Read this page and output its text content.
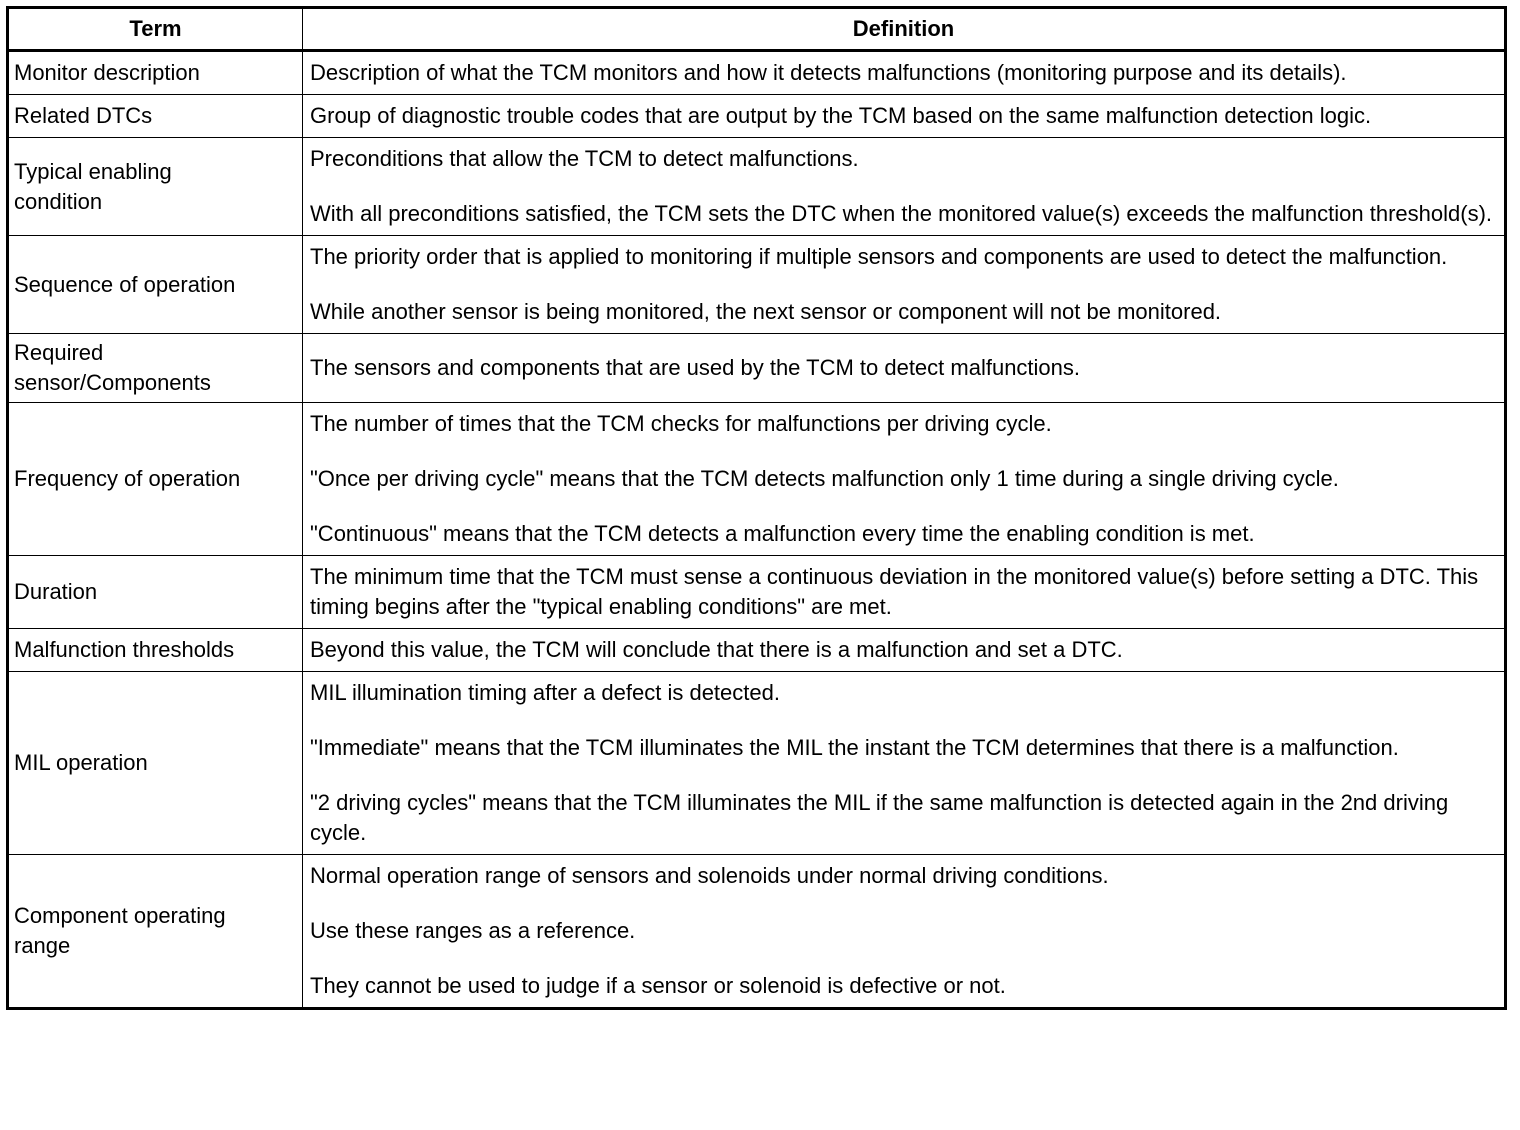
Term	Definition
Monitor description	Description of what the TCM monitors and how it detects malfunctions (monitoring purpose and its details).

Related DTCs	Group of diagnostic trouble codes that are output by the TCM based on the same malfunction detection logic.

Typical enabling condition	Preconditions that allow the TCM to detect malfunctions.

With all preconditions satisfied, the TCM sets the DTC when the monitored value(s) exceeds the malfunction threshold(s).

Sequence of operation	The priority order that is applied to monitoring if multiple sensors and components are used to detect the malfunction.

While another sensor is being monitored, the next sensor or component will not be monitored.

Required sensor/Components	The sensors and components that are used by the TCM to detect malfunctions.

Frequency of operation	The number of times that the TCM checks for malfunctions per driving cycle.

"Once per driving cycle" means that the TCM detects malfunction only 1 time during a single driving cycle.

"Continuous" means that the TCM detects a malfunction every time the enabling condition is met.

Duration	The minimum time that the TCM must sense a continuous deviation in the monitored value(s) before setting a DTC. This timing begins after the "typical enabling conditions" are met.

Malfunction thresholds	Beyond this value, the TCM will conclude that there is a malfunction and set a DTC.

MIL operation	MIL illumination timing after a defect is detected.

"Immediate" means that the TCM illuminates the MIL the instant the TCM determines that there is a malfunction.

"2 driving cycles" means that the TCM illuminates the MIL if the same malfunction is detected again in the 2nd driving cycle.

Component operating range	Normal operation range of sensors and solenoids under normal driving conditions.

Use these ranges as a reference.

They cannot be used to judge if a sensor or solenoid is defective or not.
